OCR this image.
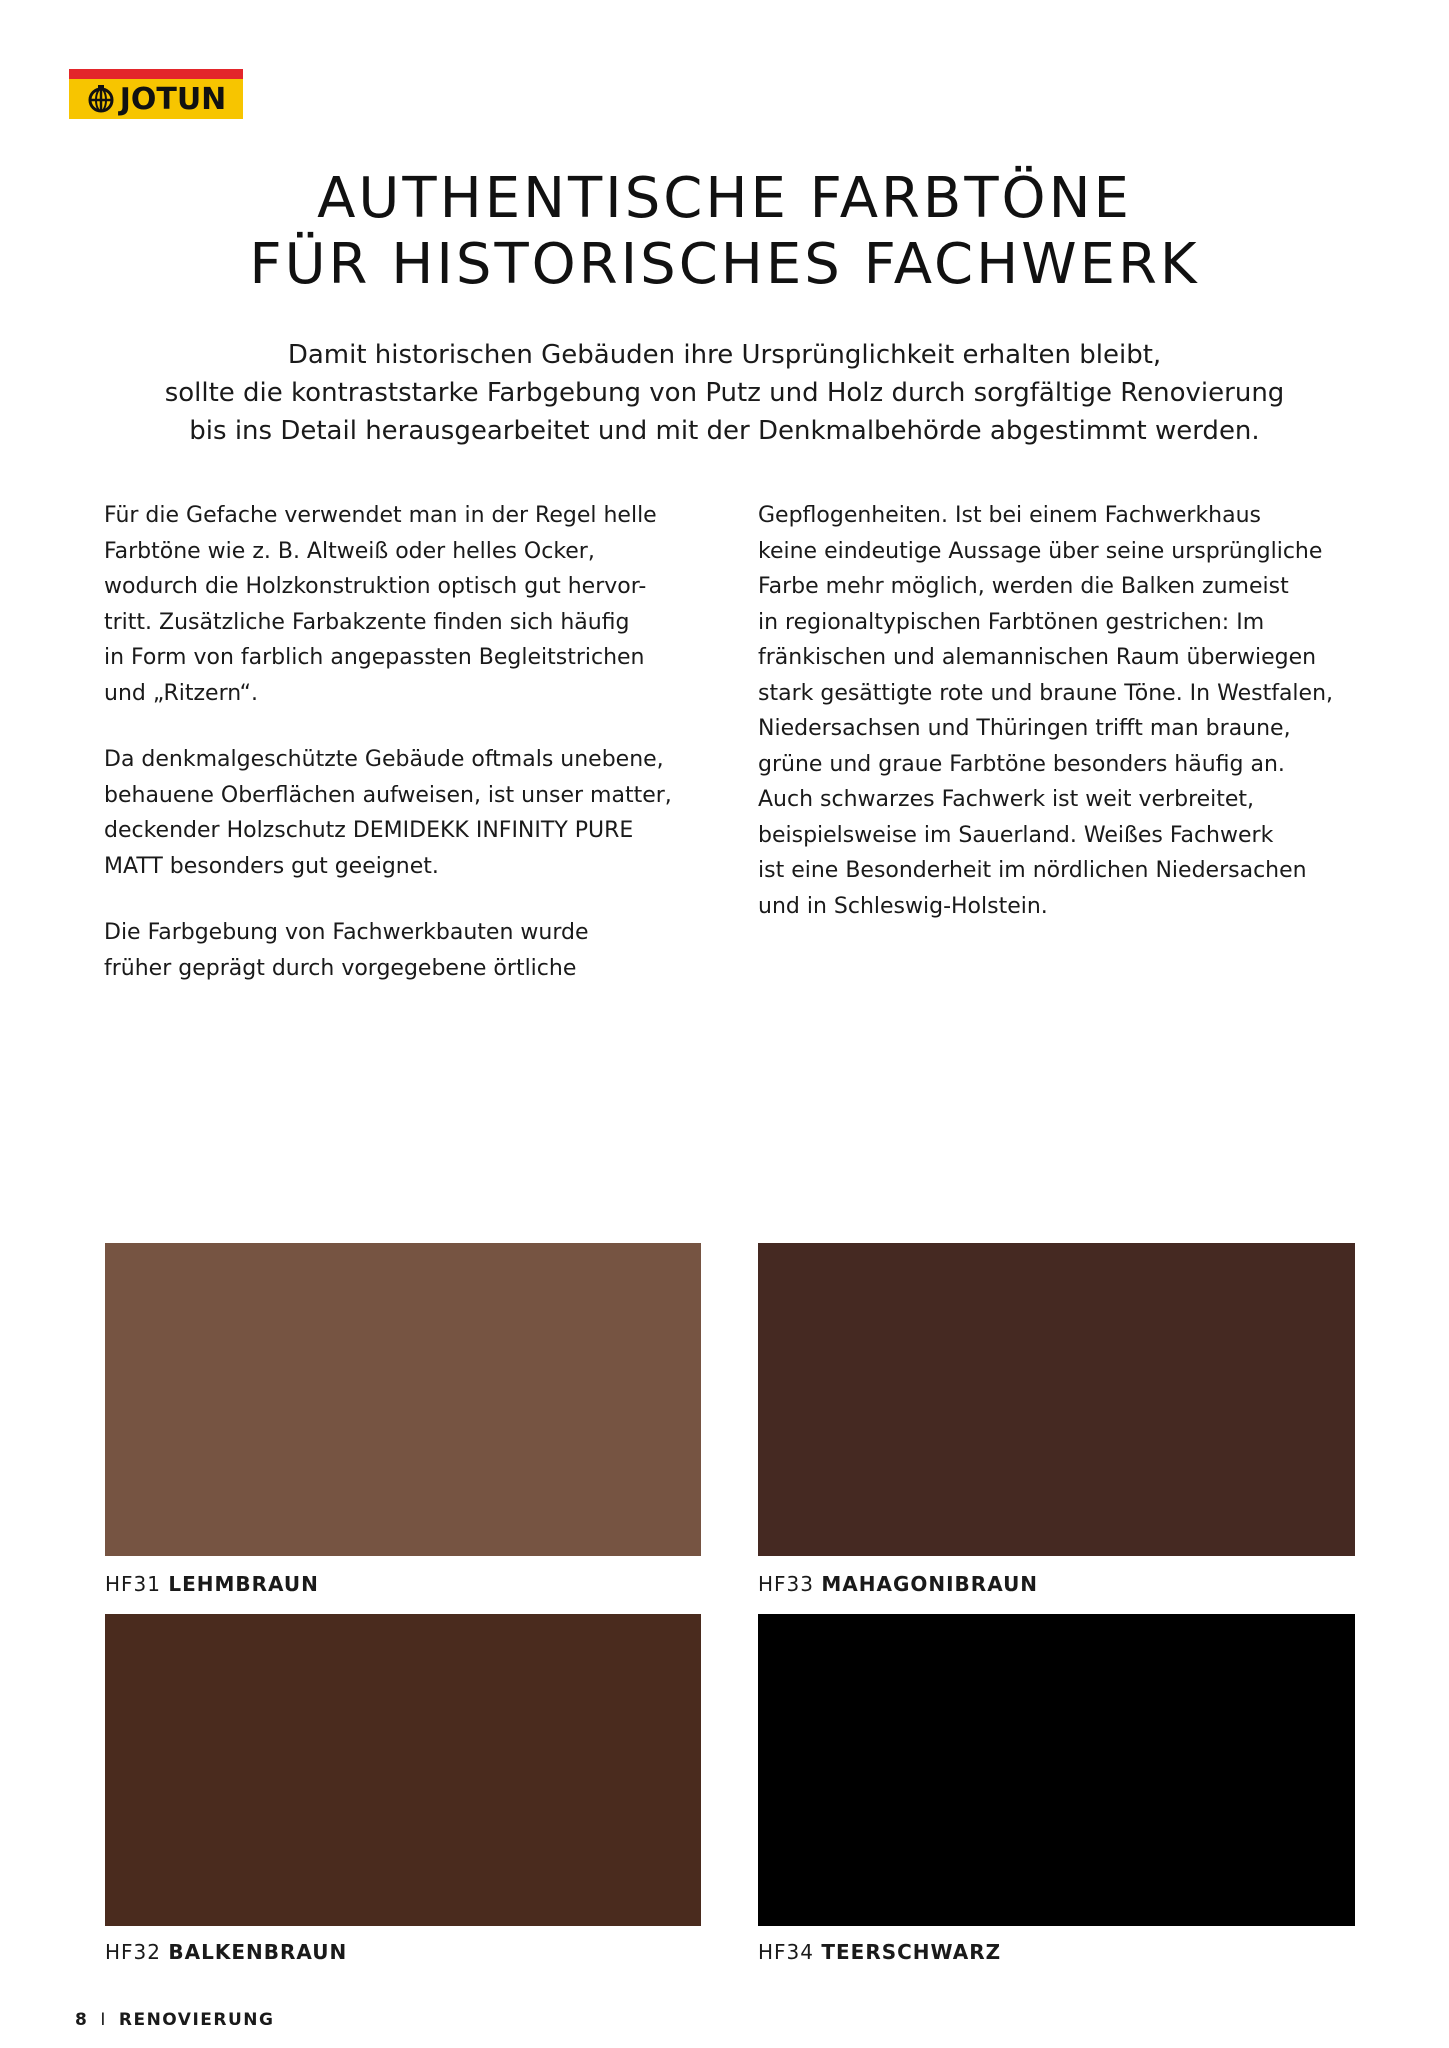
JOTUN
AUTHENTISCHE FARBTÖNE
FÜR HISTORISCHES FACHWERK
Damit historischen Gebäuden ihre Ursprünglichkeit erhalten bleibt,
sollte die kontraststarke Farbgebung von Putz und Holz durch sorgfältige Renovierung
bis ins Detail herausgearbeitet und mit der Denkmalbehörde abgestimmt werden.

Für die Gefache verwendet man in der Regel helle
Farbtöne wie z. B. Altweiß oder helles Ocker,
wodurch die Holzkonstruktion optisch gut hervor-
tritt. Zusätzliche Farbakzente finden sich häufig
in Form von farblich angepassten Begleitstrichen
und „Ritzern“.

Da denkmalgeschützte Gebäude oftmals unebene,
behauene Oberflächen aufweisen, ist unser matter,
deckender Holzschutz DEMIDEKK INFINITY PURE
MATT besonders gut geeignet.

Die Farbgebung von Fachwerkbauten wurde
früher geprägt durch vorgegebene örtliche

Gepflogenheiten. Ist bei einem Fachwerkhaus
keine eindeutige Aussage über seine ursprüngliche
Farbe mehr möglich, werden die Balken zumeist
in regionaltypischen Farbtönen gestrichen: Im
fränkischen und alemannischen Raum überwiegen
stark gesättigte rote und braune Töne. In Westfalen,
Niedersachsen und Thüringen trifft man braune,
grüne und graue Farbtöne besonders häufig an.
Auch schwarzes Fachwerk ist weit verbreitet,
beispielsweise im Sauerland. Weißes Fachwerk
ist eine Besonderheit im nördlichen Niedersachen
und in Schleswig-Holstein.

HF31 LEHMBRAUN	HF33 MAHAGONIBRAUN
HF32 BALKENBRAUN	HF34 TEERSCHWARZ
8 I RENOVIERUNG
